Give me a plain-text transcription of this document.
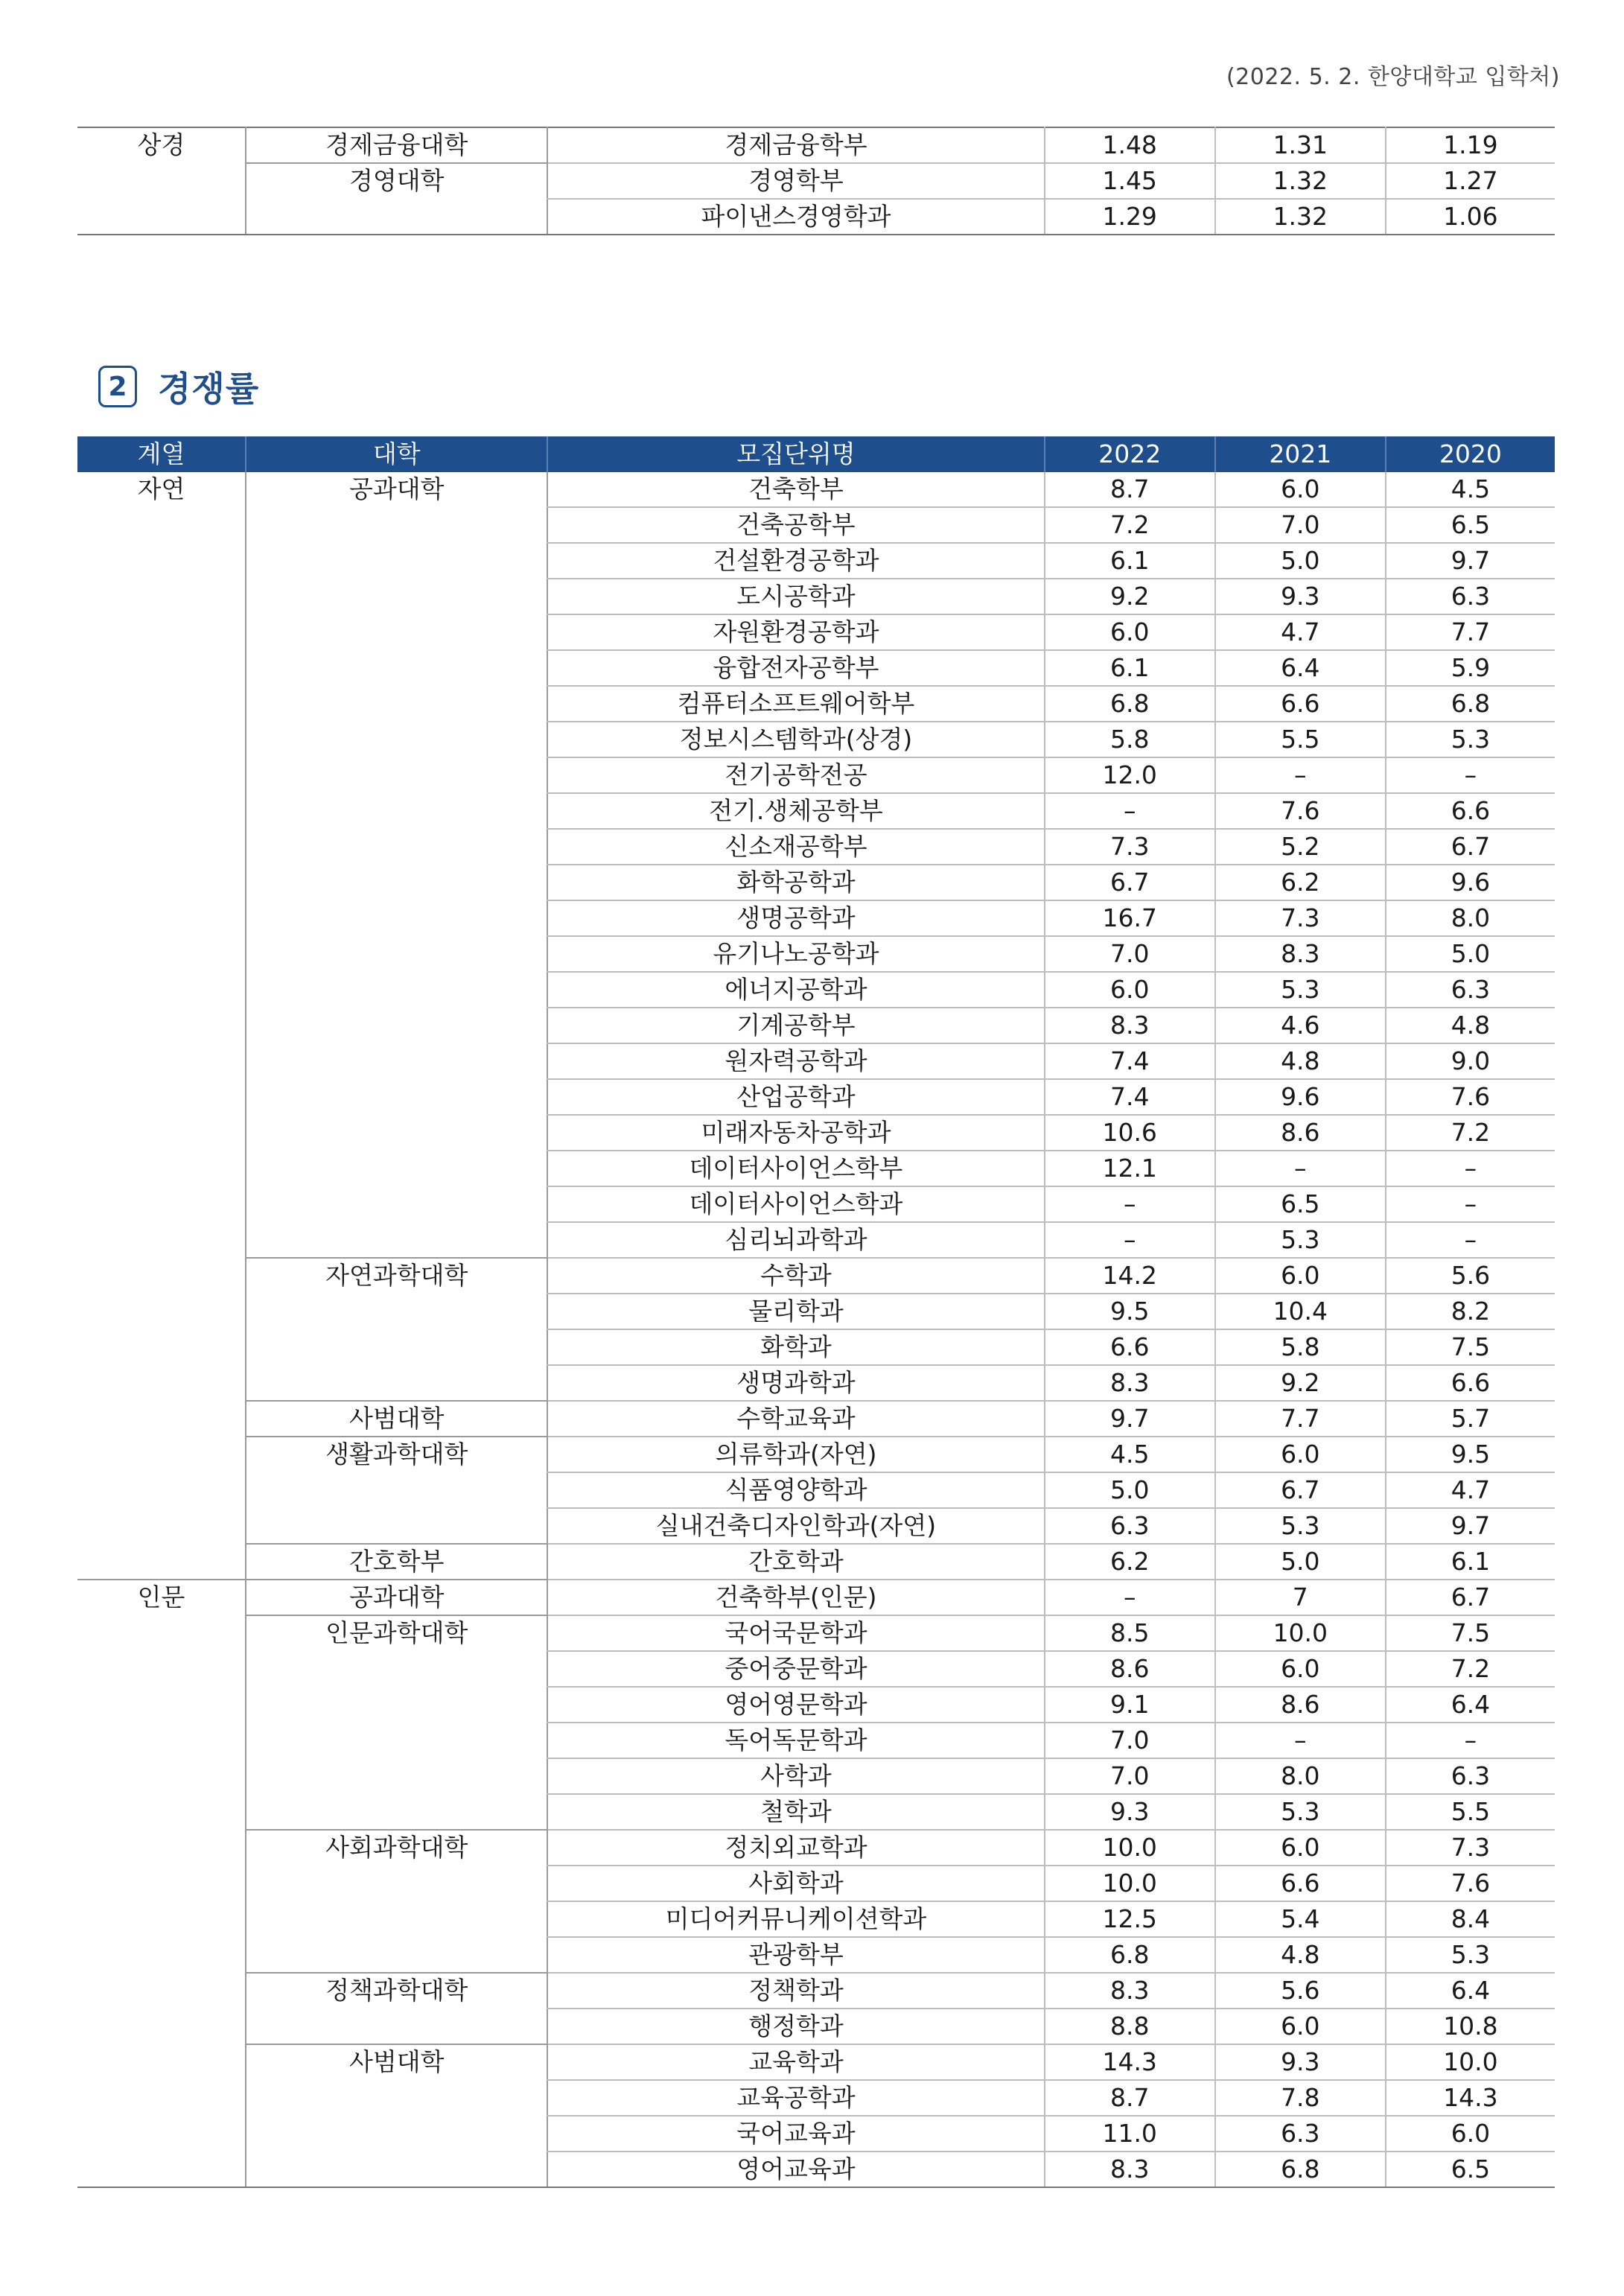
(2022. 5. 2. 한양대학교 입학처)
상경	경제금융대학	경제금융학부	1.48	1.31	1.19
	경영대학	경영학부	1.45	1.32	1.27
		파이낸스경영학과	1.29	1.32	1.06
2 경쟁률
계열	대학	모집단위명	2022	2021	2020
자연	공과대학	건축학부	8.7	6.0	4.5
		건축공학부	7.2	7.0	6.5
		건설환경공학과	6.1	5.0	9.7
		도시공학과	9.2	9.3	6.3
		자원환경공학과	6.0	4.7	7.7
		융합전자공학부	6.1	6.4	5.9
		컴퓨터소프트웨어학부	6.8	6.6	6.8
		정보시스템학과(상경)	5.8	5.5	5.3
		전기공학전공	12.0	–	–
		전기.생체공학부	–	7.6	6.6
		신소재공학부	7.3	5.2	6.7
		화학공학과	6.7	6.2	9.6
		생명공학과	16.7	7.3	8.0
		유기나노공학과	7.0	8.3	5.0
		에너지공학과	6.0	5.3	6.3
		기계공학부	8.3	4.6	4.8
		원자력공학과	7.4	4.8	9.0
		산업공학과	7.4	9.6	7.6
		미래자동차공학과	10.6	8.6	7.2
		데이터사이언스학부	12.1	–	–
		데이터사이언스학과	–	6.5	–
		심리뇌과학과	–	5.3	–
	자연과학대학	수학과	14.2	6.0	5.6
		물리학과	9.5	10.4	8.2
		화학과	6.6	5.8	7.5
		생명과학과	8.3	9.2	6.6
	사범대학	수학교육과	9.7	7.7	5.7
	생활과학대학	의류학과(자연)	4.5	6.0	9.5
		식품영양학과	5.0	6.7	4.7
		실내건축디자인학과(자연)	6.3	5.3	9.7
	간호학부	간호학과	6.2	5.0	6.1
인문	공과대학	건축학부(인문)	–	7	6.7
	인문과학대학	국어국문학과	8.5	10.0	7.5
		중어중문학과	8.6	6.0	7.2
		영어영문학과	9.1	8.6	6.4
		독어독문학과	7.0	–	–
		사학과	7.0	8.0	6.3
		철학과	9.3	5.3	5.5
	사회과학대학	정치외교학과	10.0	6.0	7.3
		사회학과	10.0	6.6	7.6
		미디어커뮤니케이션학과	12.5	5.4	8.4
		관광학부	6.8	4.8	5.3
	정책과학대학	정책학과	8.3	5.6	6.4
		행정학과	8.8	6.0	10.8
	사범대학	교육학과	14.3	9.3	10.0
		교육공학과	8.7	7.8	14.3
		국어교육과	11.0	6.3	6.0
		영어교육과	8.3	6.8	6.5
